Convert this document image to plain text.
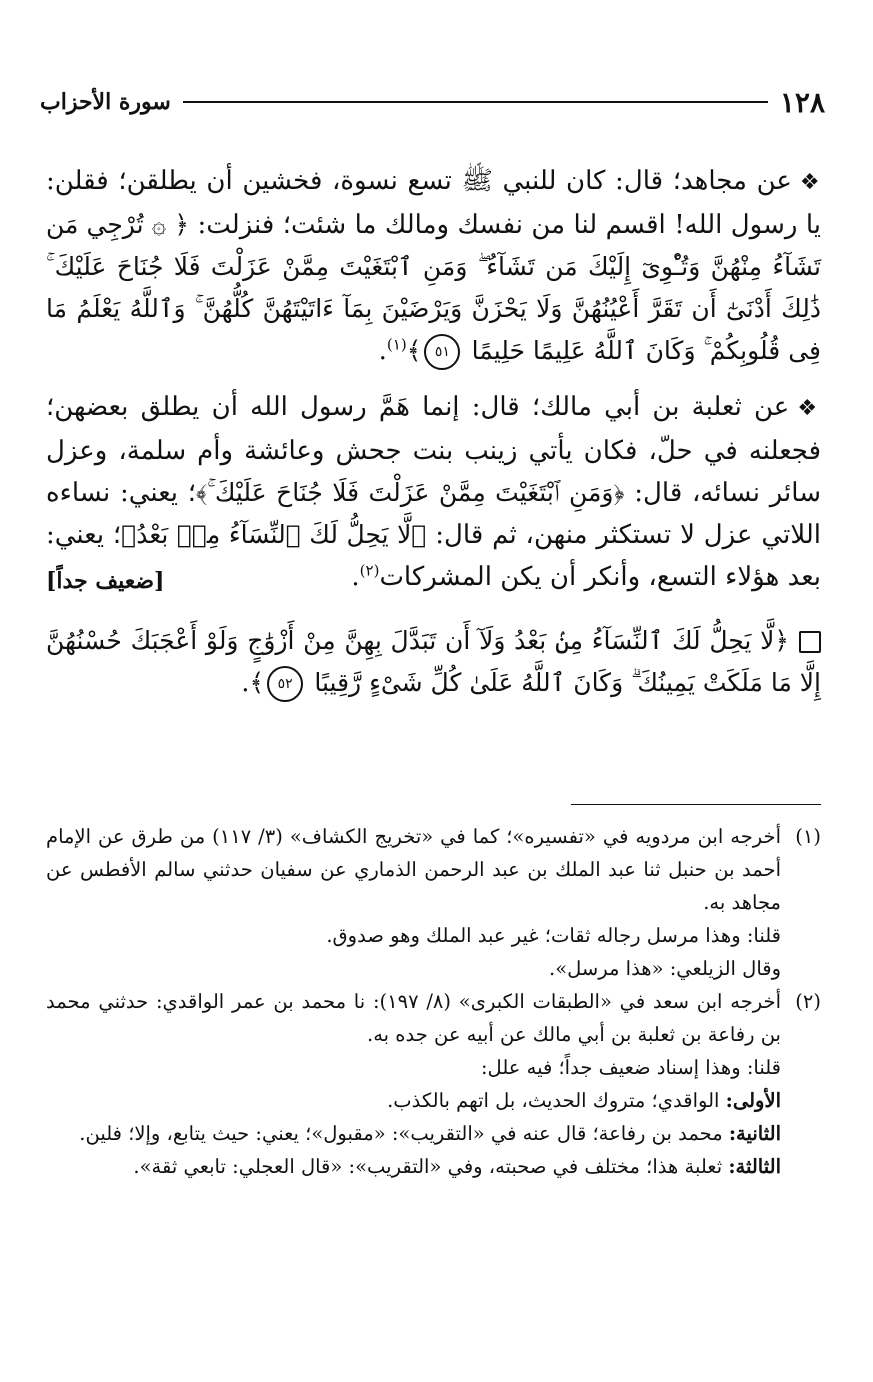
١٢٨
سورة الأحزاب

❖عن مجاهد؛ قال: كان للنبي ﷺ تسع نسوة، فخشين أن يطلقن؛ فقلن: يا رسول الله! اقسم لنا من نفسك ومالك ما شئت؛ فنزلت: ﴿ ۞ تُرْجِي مَن تَشَآءُ مِنْهُنَّ وَتُـْٔوِىٓ إِلَيْكَ مَن تَشَآءُ ۖ وَمَنِ ٱبْتَغَيْتَ مِمَّنْ عَزَلْتَ فَلَا جُنَاحَ عَلَيْكَ ۚ ذَٰلِكَ أَدْنَىٰٓ أَن تَقَرَّ أَعْيُنُهُنَّ وَلَا يَحْزَنَّ وَيَرْضَيْنَ بِمَآ ءَاتَيْتَهُنَّ كُلُّهُنَّ ۚ وَٱللَّهُ يَعْلَمُ مَا فِى قُلُوبِكُمْ ۚ وَكَانَ ٱللَّهُ عَلِيمًا حَلِيمًا ٥١﴾$^{(١)}$.

❖عن ثعلبة بن أبي مالك؛ قال: إنما هَمَّ رسول الله أن يطلق بعضهن؛ فجعلنه في حلّ، فكان يأتي زينب بنت جحش وعائشة وأم سلمة، وعزل سائر نسائه، قال: ﴿وَمَنِ ٱبْتَغَيْتَ مِمَّنْ عَزَلْتَ فَلَا جُنَاحَ عَلَيْكَ ۚ﴾؛ يعني: نساءه اللاتي عزل لا تستكثر منهن، ثم قال: ﴿لَّا يَحِلُّ لَكَ ٱلنِّسَآءُ مِنۢ بَعْدُ﴾؛ يعني: بعد هؤلاء التسع، وأنكر أن يكن المشركات$^{(٢)}$.
[ضعيف جداً]

﴿لَّا يَحِلُّ لَكَ ٱلنِّسَآءُ مِنۢ بَعْدُ وَلَآ أَن تَبَدَّلَ بِهِنَّ مِنْ أَزْوَٰجٍ وَلَوْ أَعْجَبَكَ حُسْنُهُنَّ إِلَّا مَا مَلَكَتْ يَمِينُكَ ۗ وَكَانَ ٱللَّهُ عَلَىٰ كُلِّ شَىْءٍ رَّقِيبًا ٥٢﴾.

(١)

أخرجه ابن مردويه في «تفسيره»؛ كما في «تخريج الكشاف» (٣/ ١١٧) من طرق عن الإمام أحمد بن حنبل ثنا عبد الملك بن عبد الرحمن الذماري عن سفيان حدثني سالم الأفطس عن مجاهد به.

قلنا: وهذا مرسل رجاله ثقات؛ غير عبد الملك وهو صدوق.

وقال الزيلعي: «هذا مرسل».

(٢)

أخرجه ابن سعد في «الطبقات الكبرى» (٨/ ١٩٧): نا محمد بن عمر الواقدي: حدثني محمد بن رفاعة بن ثعلبة بن أبي مالك عن أبيه عن جده به.

قلنا: وهذا إسناد ضعيف جداً؛ فيه علل:

الأولى: الواقدي؛ متروك الحديث، بل اتهم بالكذب.

الثانية: محمد بن رفاعة؛ قال عنه في «التقريب»: «مقبول»؛ يعني: حيث يتابع، وإلا؛ فلين.

الثالثة: ثعلبة هذا؛ مختلف في صحبته، وفي «التقريب»: «قال العجلي: تابعي ثقة».
